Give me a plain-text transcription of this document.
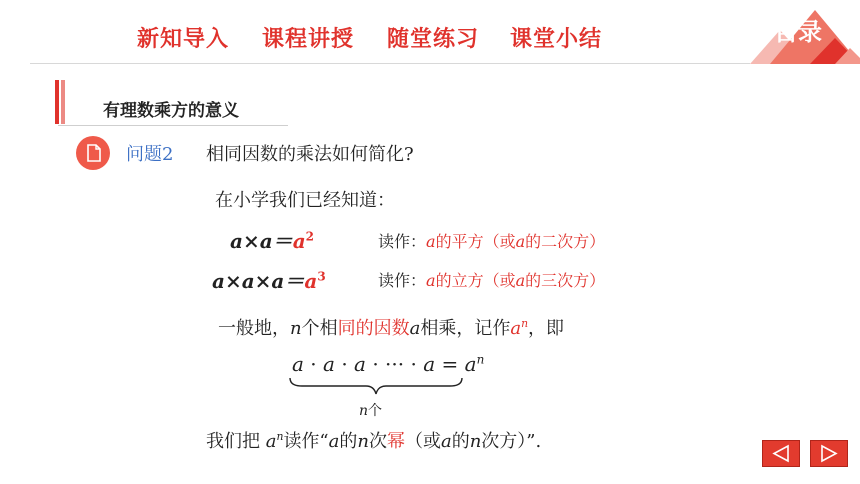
新知导入 课程讲授 随堂练习 课堂小结	目录
有理数乘方的意义
问题2 相同因数的乘法如何简化?
在小学我们已经知道：
$a\times a=a^2$	读作：a的平方（或a的二次方）
$a\times a\times a=a^3$	读作：a的立方（或a的三次方）
一般地，n个相同的因数a相乘，记作$a^n$，即
a · a · a · ··· · $a = a^n$
n个
我们把 $a^n$读作“a的n次幂（或a的n次方）”.
